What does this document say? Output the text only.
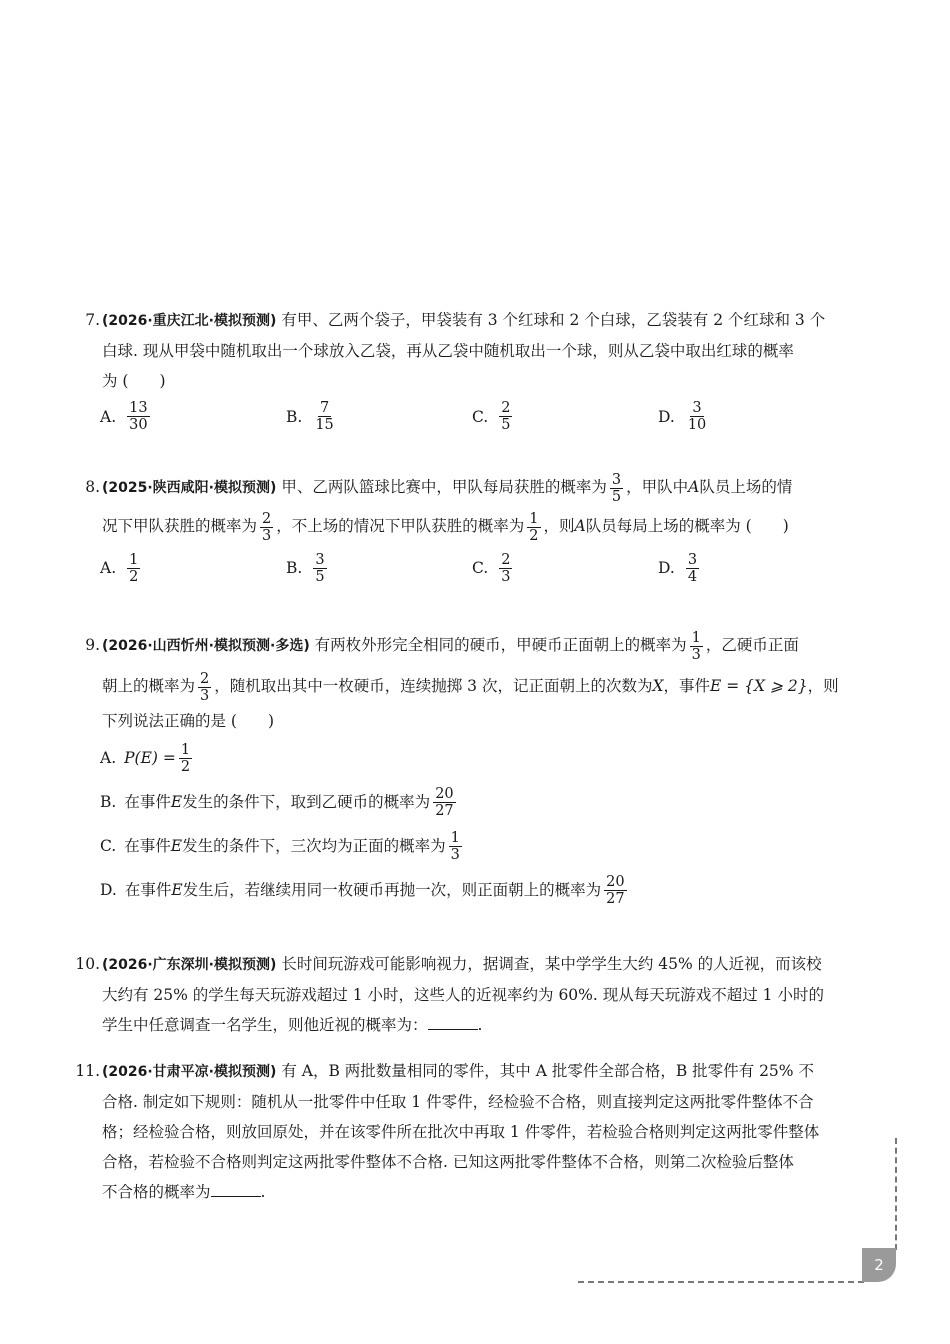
7. (2026·重庆江北·模拟预测) 有甲、乙两个袋子，甲袋装有 3 个红球和 2 个白球，乙袋装有 2 个红球和 3 个
白球. 现从甲袋中随机取出一个球放入乙袋，再从乙袋中随机取出一个球，则从乙袋中取出红球的概率
为 (　　)
A. $\frac{13}{30}$	B. $\frac{7}{15}$	C. $\frac{2}{5}$	D. $\frac{3}{10}$
8. (2025·陕西咸阳·模拟预测) 甲、乙两队篮球比赛中，甲队每局获胜的概率为 $\frac{3}{5}$ ，甲队中A队员上场的情
况下甲队获胜的概率为 $\frac{2}{3}$ ，不上场的情况下甲队获胜的概率为 $\frac{1}{2}$ ，则A队员每局上场的概率为 (　　)
A. $\frac{1}{2}$	B. $\frac{3}{5}$	C. $\frac{2}{3}$	D. $\frac{3}{4}$
9. (2026·山西忻州·模拟预测·多选) 有两枚外形完全相同的硬币，甲硬币正面朝上的概率为 $\frac{1}{3}$ ，乙硬币正面
朝上的概率为 $\frac{2}{3}$ ，随机取出其中一枚硬币，连续抛掷 3 次，记正面朝上的次数为X，事件E = {X ⩾ 2}，则
下列说法正确的是 (　　)
A. $P(E) = \frac{1}{2}$
B. 在事件 E 发生的条件下，取到乙硬币的概率为 $\frac{20}{27}$
C. 在事件 E 发生的条件下，三次均为正面的概率为 $\frac{1}{3}$
D. 在事件 E 发生后，若继续用同一枚硬币再抛一次，则正面朝上的概率为 $\frac{20}{27}$
10. (2026·广东深圳·模拟预测) 长时间玩游戏可能影响视力，据调查，某中学学生大约 45% 的人近视，而该校
大约有 25% 的学生每天玩游戏超过 1 小时，这些人的近视率约为 60%. 现从每天玩游戏不超过 1 小时的
学生中任意调查一名学生，则他近视的概率为：	.
11. (2026·甘肃平凉·模拟预测) 有 A，B 两批数量相同的零件，其中 A 批零件全部合格，B 批零件有 25% 不
合格. 制定如下规则：随机从一批零件中任取 1 件零件，经检验不合格，则直接判定这两批零件整体不合
格；经检验合格，则放回原处，并在该零件所在批次中再取 1 件零件，若检验合格则判定这两批零件整体
合格，若检验不合格则判定这两批零件整体不合格. 已知这两批零件整体不合格，则第二次检验后整体
不合格的概率为	.
2
